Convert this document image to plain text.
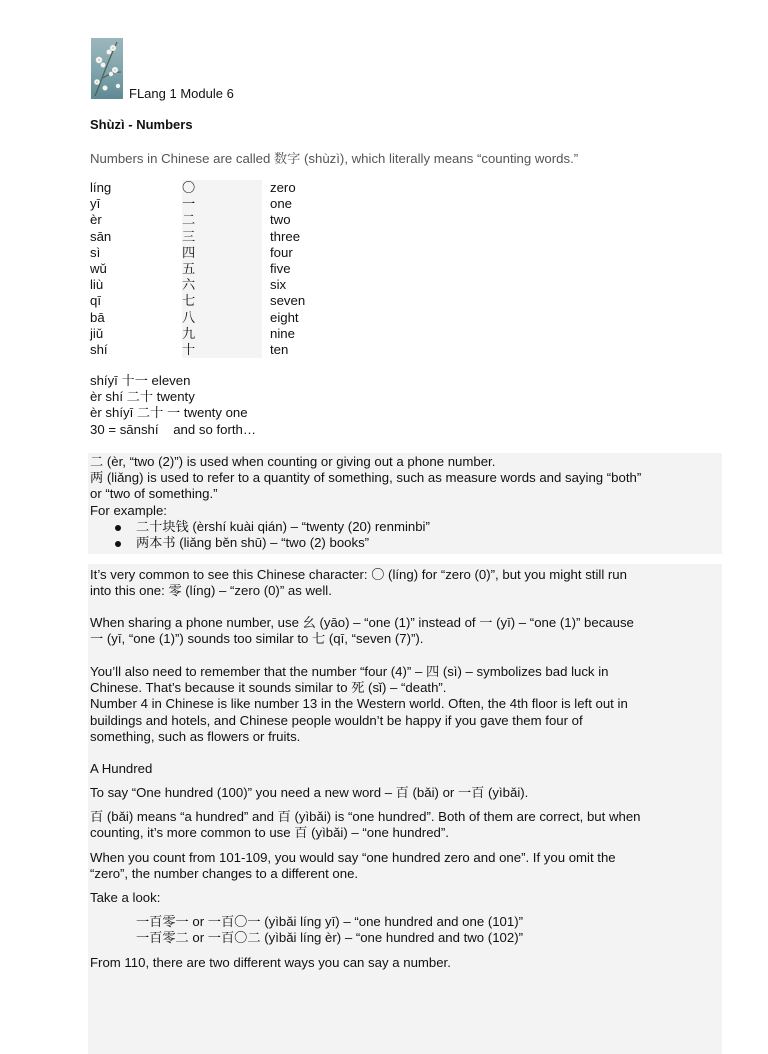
FLang 1 Module 6
Shùzì - Numbers
Numbers in Chinese are called 数字 (shùzì), which literally means “counting words.”
líng	〇	zero
yī	一	one
èr	二	two
sān	三	three
sì	四	four
wǔ	五	five
liù	六	six
qī	七	seven
bā	八	eight
jiǔ	九	nine
shí	十	ten
shíyī 十一 eleven
èr shí 二十 twenty
èr shíyī 二十 一 twenty one
30 = sānshí    and so forth…

二 (èr, “two (2)”) is used when counting or giving out a phone number.

两 (liǎng) is used to refer to a quantity of something, such as measure words and saying “both”

or “two of something.”

For example:

二十块钱 (èrshí kuài qián) – “twenty (20) renminbi”
两本书 (liǎng běn shū) – “two (2) books”

It’s very common to see this Chinese character: 〇 (líng) for “zero (0)”, but you might still run

into this one: 零 (líng) – “zero (0)” as well.

When sharing a phone number, use 幺 (yāo) – “one (1)” instead of 一 (yī) – “one (1)” because

一 (yī, “one (1)”) sounds too similar to 七 (qī, “seven (7)”).

You’ll also need to remember that the number “four (4)” – 四 (sì) – symbolizes bad luck in

Chinese. That’s because it sounds similar to 死 (sǐ) – “death”.

Number 4 in Chinese is like number 13 in the Western world. Often, the 4th floor is left out in

buildings and hotels, and Chinese people wouldn’t be happy if you gave them four of

something, such as flowers or fruits.

A Hundred
To say “One hundred (100)” you need a new word – 百 (bǎi) or 一百 (yìbǎi).

百 (bǎi) means “a hundred” and 百 (yìbǎi) is “one hundred”. Both of them are correct, but when

counting, it’s more common to use 百 (yìbǎi) – “one hundred”.

When you count from 101-109, you would say “one hundred zero and one”. If you omit the

“zero”, the number changes to a different one.

Take a look:
一百零一 or 一百〇一 (yìbǎi líng yī) – “one hundred and one (101)”
一百零二 or 一百〇二 (yìbǎi líng èr) – “one hundred and two (102)”
From 110, there are two different ways you can say a number.
